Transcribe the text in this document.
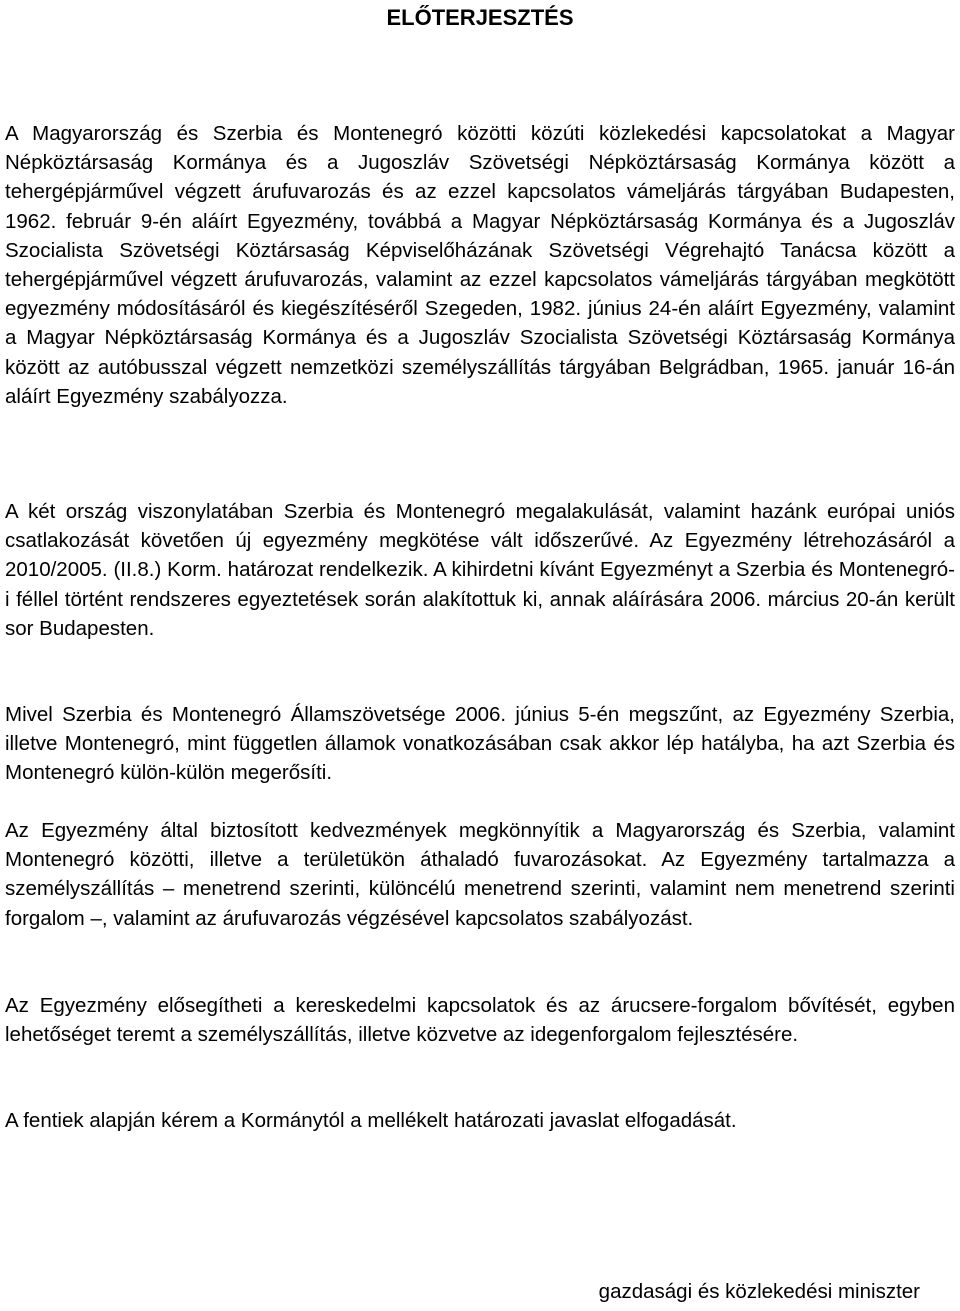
ELŐTERJESZTÉS

A Magyarország és Szerbia és Montenegró közötti közúti közlekedési kapcsolatokat a Magyar Népköztársaság Kormánya és a Jugoszláv Szövetségi Népköztársaság Kormánya között a tehergépjárművel végzett árufuvarozás és az ezzel kapcsolatos vámeljárás tárgyában Budapesten, 1962. február 9-én aláírt Egyezmény, továbbá a Magyar Népköztársaság Kormánya és a Jugoszláv Szocialista Szövetségi Köztársaság Képviselőházának Szövetségi Végrehajtó Tanácsa között a tehergépjárművel végzett árufuvarozás, valamint az ezzel kapcsolatos vámeljárás tárgyában megkötött egyezmény módosításáról és kiegészítéséről Szegeden, 1982. június 24-én aláírt Egyezmény, valamint a Magyar Népköztársaság Kormánya és a Jugoszláv Szocialista Szövetségi Köztársaság Kormánya között az autóbusszal végzett nemzetközi személyszállítás tárgyában Belgrádban, 1965. január 16-án aláírt Egyezmény szabályozza.

A két ország viszonylatában Szerbia és Montenegró megalakulását, valamint hazánk európai uniós csatlakozását követően új egyezmény megkötése vált időszerűvé. Az Egyezmény létrehozásáról a 2010/2005. (II.8.) Korm. határozat rendelkezik. A kihirdetni kívánt Egyezményt a Szerbia és Montenegró-i féllel történt rendszeres egyeztetések során alakítottuk ki, annak aláírására 2006. március 20-án került sor Budapesten.

Mivel Szerbia és Montenegró Államszövetsége 2006. június 5-én megszűnt, az Egyezmény Szerbia, illetve Montenegró, mint független államok vonatkozásában csak akkor lép hatályba, ha azt Szerbia és Montenegró külön-külön megerősíti.

Az Egyezmény által biztosított kedvezmények megkönnyítik a Magyarország és Szerbia, valamint Montenegró közötti, illetve a területükön áthaladó fuvarozásokat. Az Egyezmény tartalmazza a személyszállítás – menetrend szerinti, különcélú menetrend szerinti, valamint nem menetrend szerinti forgalom –, valamint az árufuvarozás végzésével kapcsolatos szabályozást.

Az Egyezmény elősegítheti a kereskedelmi kapcsolatok és az árucsere-forgalom bővítését, egyben lehetőséget teremt a személyszállítás, illetve közvetve az idegenforgalom fejlesztésére.

A fentiek alapján kérem a Kormánytól a mellékelt határozati javaslat elfogadását.

gazdasági és közlekedési miniszter
